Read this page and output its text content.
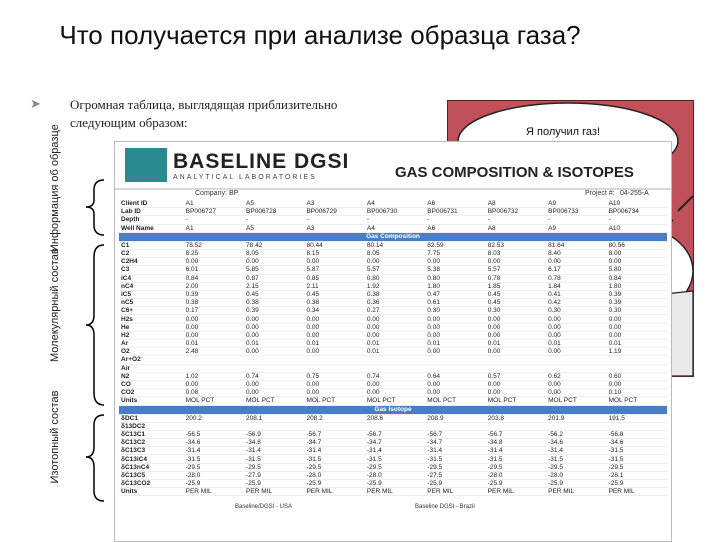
Что получается при анализе образца газа?
➤ Огромная таблица, выглядящая приблизительно следующим образом:
Информация об образце
Молекулярный состав
Изотопный состав
Я получил газ!
BASELINE DGSI
ANALYTICAL LABORATORIES	GAS COMPOSITION & ISOTOPES
Company: BP	Project #: 04-255-A
Client ID	A1	A5	A3	A4	A6	A8	A9	A10
Lab ID	BP006727	BP006728	BP006729	BP006730	BP006731	BP006732	BP006733	BP006734
Depth	-	-	-	-	-	-	-	-
Well Name	A1	A5	A3	A4	A6	A8	A9	A10
Gas Composition								
C1	78.52	78.42	80.44	80.14	82.59	82.53	81.64	80.56
C2	8.25	8.05	8.15	8.05	7.75	8.03	8.40	8.00
C2H4	0.00	0.00	0.00	0.00	0.00	0.00	0.00	0.00
C3	6.01	5.85	5.87	5.57	5.38	5.57	6.17	5.80
iC4	0.84	0.87	0.85	0.80	0.80	0.78	0.78	0.84
nC4	2.00	2.15	2.11	1.92	1.80	1.85	1.84	1.80
iC5	0.39	0.45	0.45	0.38	0.47	0.45	0.41	0.39
nC5	0.38	0.38	0.38	0.36	0.61	0.45	0.42	0.39
C6+	0.17	0.39	0.34	0.27	0.30	0.30	0.30	0.30
H2s	0.00	0.00	0.00	0.00	0.00	0.00	0.00	0.00
He	0.00	0.00	0.00	0.00	0.00	0.00	0.00	0.00
H2	0.00	0.00	0.00	0.00	0.00	0.00	0.00	0.00
Ar	0.01	0.01	0.01	0.01	0.01	0.01	0.01	0.01
O2	2.48	0.00	0.00	0.01	0.00	0.00	0.00	1.19
Ar+O2								
Air								
N2	1.02	0.74	0.75	0.74	0.64	0.57	0.62	0.60
CO	0.00	0.00	0.00	0.00	0.00	0.00	0.00	0.00
CO2	0.08	0.00	0.00	0.00	0.00	0.00	0.00	0.10
Units	MOL PCT	MOL PCT	MOL PCT	MOL PCT	MOL PCT	MOL PCT	MOL PCT	MOL PCT
Gas Isotope								
δDC1	200.2	208.1	208.2	208.6	208.9	203.8	201.9	191.5
δ13DC2								
δC13C1	-56.5	-56.9	-56.7	-56.7	-56.7	-56.7	-56.2	-56.8
δC13C2	-34.6	-34.8	-34.7	-34.7	-34.7	-34.8	-34.6	-34.6
δC13C3	-31.4	-31.4	-31.4	-31.4	-31.4	-31.4	-31.4	-31.5
δC13iC4	-31.5	-31.5	-31.5	-31.5	-31.5	-31.5	-31.5	-31.5
δC13nC4	-29.5	-29.5	-29.5	-29.5	-29.5	-29.5	-29.5	-29.5
δC13C5	-28.0	-27.9	-28.0	-28.0	-27.5	-28.0	-28.0	-28.1
δC13CO2	-25.9	-25.9	-25.9	-25.9	-25.9	-25.9	-25.9	-25.9
Units	PER MIL	PER MIL	PER MIL	PER MIL	PER MIL	PER MIL	PER MIL	PER MIL
Baseline/DGSI - USA	Baseline DGSI - Brazil
